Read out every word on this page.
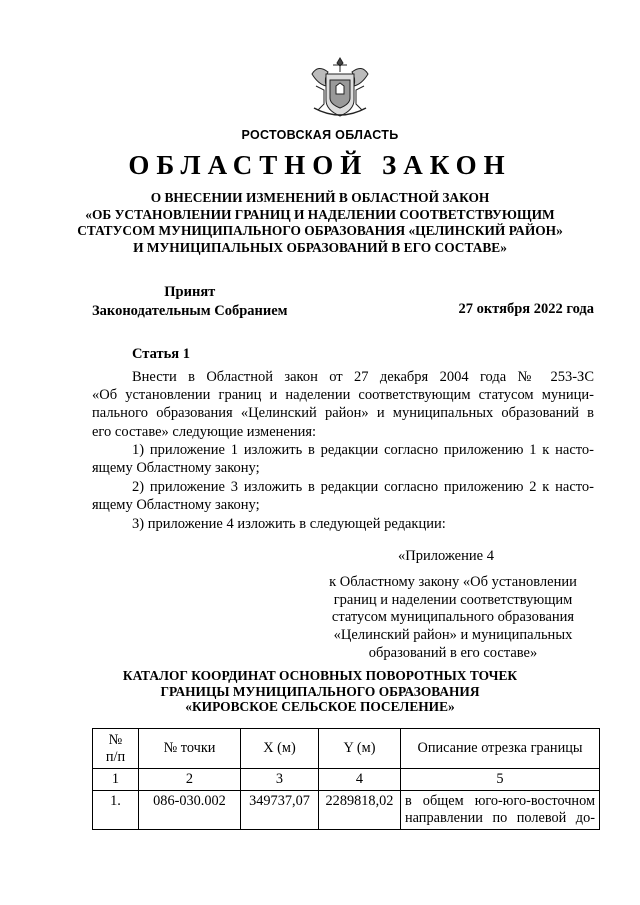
РОСТОВСКАЯ ОБЛАСТЬ
ОБЛАСТНОЙ ЗАКОН
О ВНЕСЕНИИ ИЗМЕНЕНИЙ В ОБЛАСТНОЙ ЗАКОН
«ОБ УСТАНОВЛЕНИИ ГРАНИЦ И НАДЕЛЕНИИ СООТВЕТСТВУЮЩИМ
СТАТУСОМ МУНИЦИПАЛЬНОГО ОБРАЗОВАНИЯ «ЦЕЛИНСКИЙ РАЙОН»
И МУНИЦИПАЛЬНЫХ ОБРАЗОВАНИЙ В ЕГО СОСТАВЕ»
Принят
Законодательным Собранием	27 октября 2022 года
Статья 1
Внести в Областной закон от 27 декабря 2004 года № 253-ЗС
«Об установлении границ и наделении соответствующим статусом муници-
пального образования «Целинский район» и муниципальных образований в
его составе» следующие изменения:
1) приложение 1 изложить в редакции согласно приложению 1 к насто-
ящему Областному закону;
2) приложение 3 изложить в редакции согласно приложению 2 к насто-
ящему Областному закону;
3) приложение 4 изложить в следующей редакции:
«Приложение 4
к Областному закону «Об установлении
границ и наделении соответствующим
статусом муниципального образования
«Целинский район» и муниципальных
образований в его составе»
КАТАЛОГ КООРДИНАТ ОСНОВНЫХ ПОВОРОТНЫХ ТОЧЕК
ГРАНИЦЫ МУНИЦИПАЛЬНОГО ОБРАЗОВАНИЯ
«КИРОВСКОЕ СЕЛЬСКОЕ ПОСЕЛЕНИЕ»
№
п/п	№ точки	X (м)	Y (м)	Описание отрезка границы
1	2	3	4	5
1.	086-030.002	349737,07	2289818,02	в общем юго-юго-восточном
направлении по полевой до-
